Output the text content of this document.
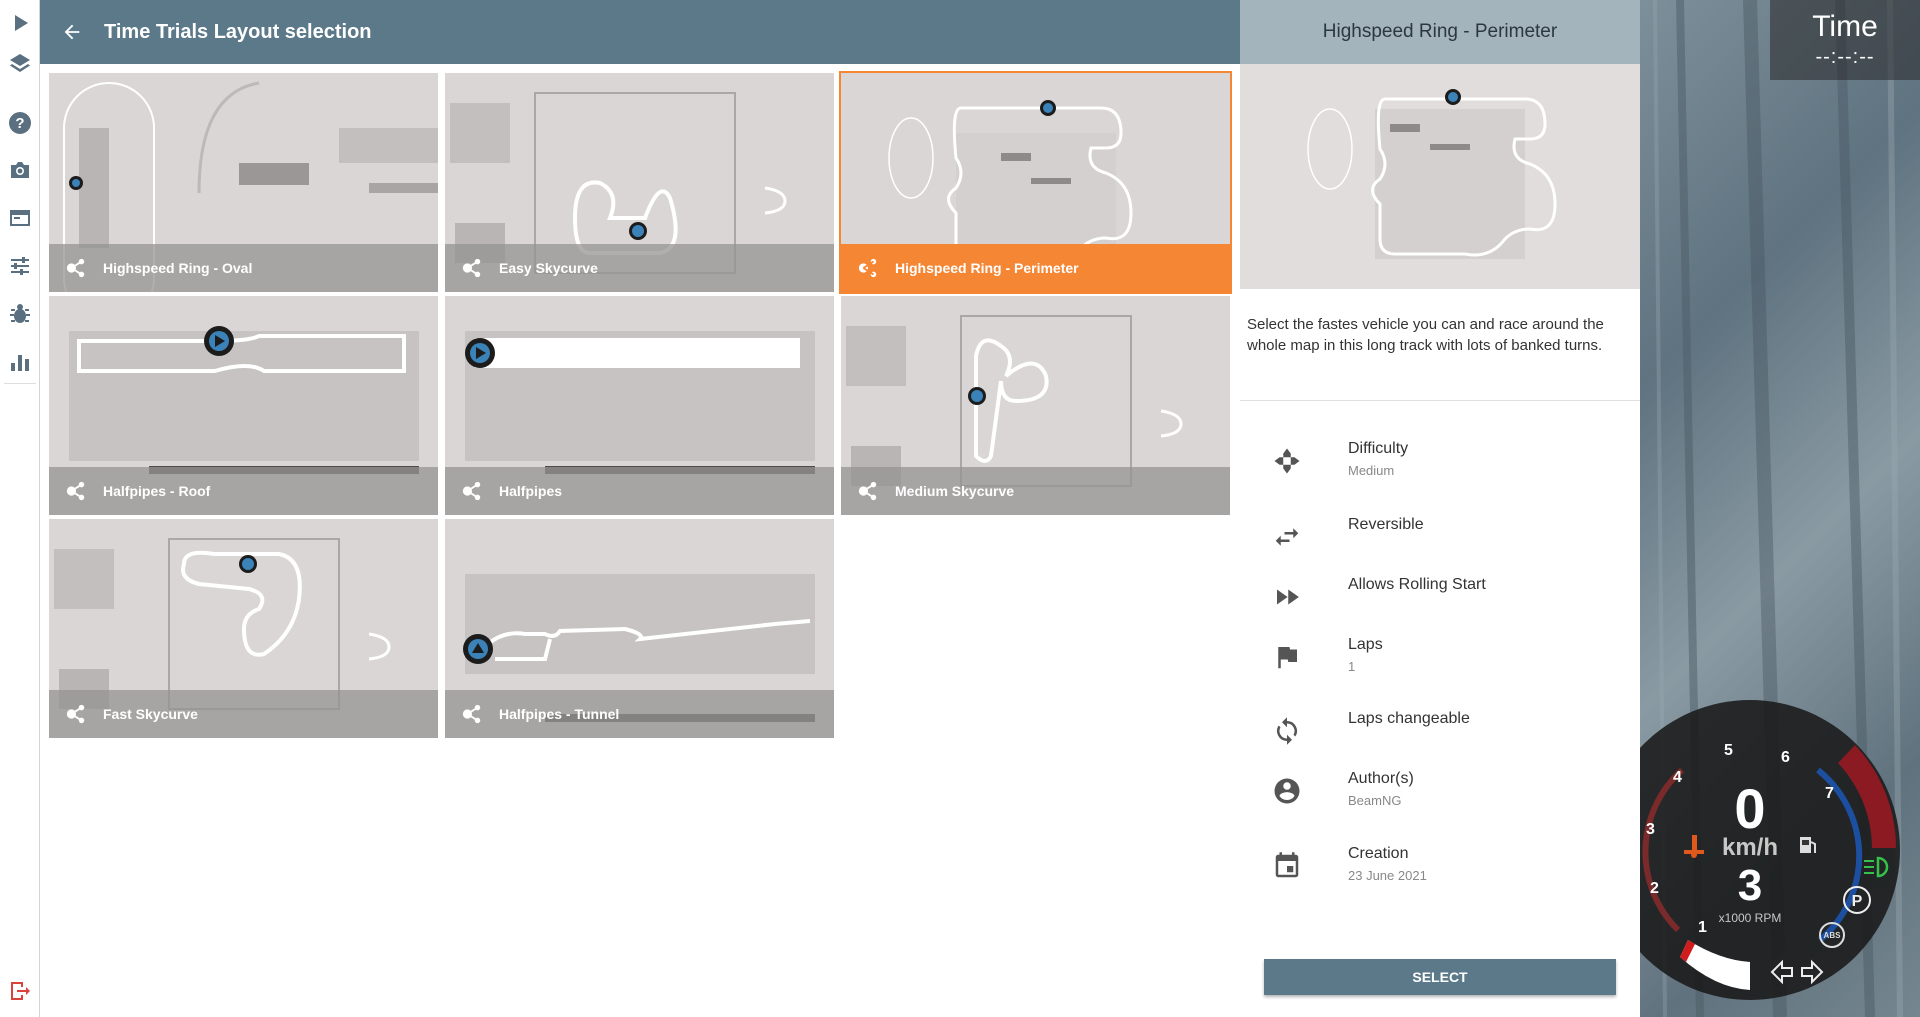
?
Time Trials Layout selection
Highspeed Ring - Oval	Easy Skycurve	Highspeed Ring - Perimeter
Halfpipes - Roof	Halfpipes	Medium Skycurve
Fast Skycurve	Halfpipes - Tunnel
Highspeed Ring - Perimeter

Select the fastes vehicle you can and race around the whole map in this long track with lots of banked turns.

Difficulty
Medium
Reversible
Allows Rolling Start
Laps
1
Laps changeable
Author(s)
BeamNG
Creation
23 June 2021
SELECT
Time
--:--:--
1
2
3
4
5	6
7
0
km/h
3
x1000 RPM
P
ABS
